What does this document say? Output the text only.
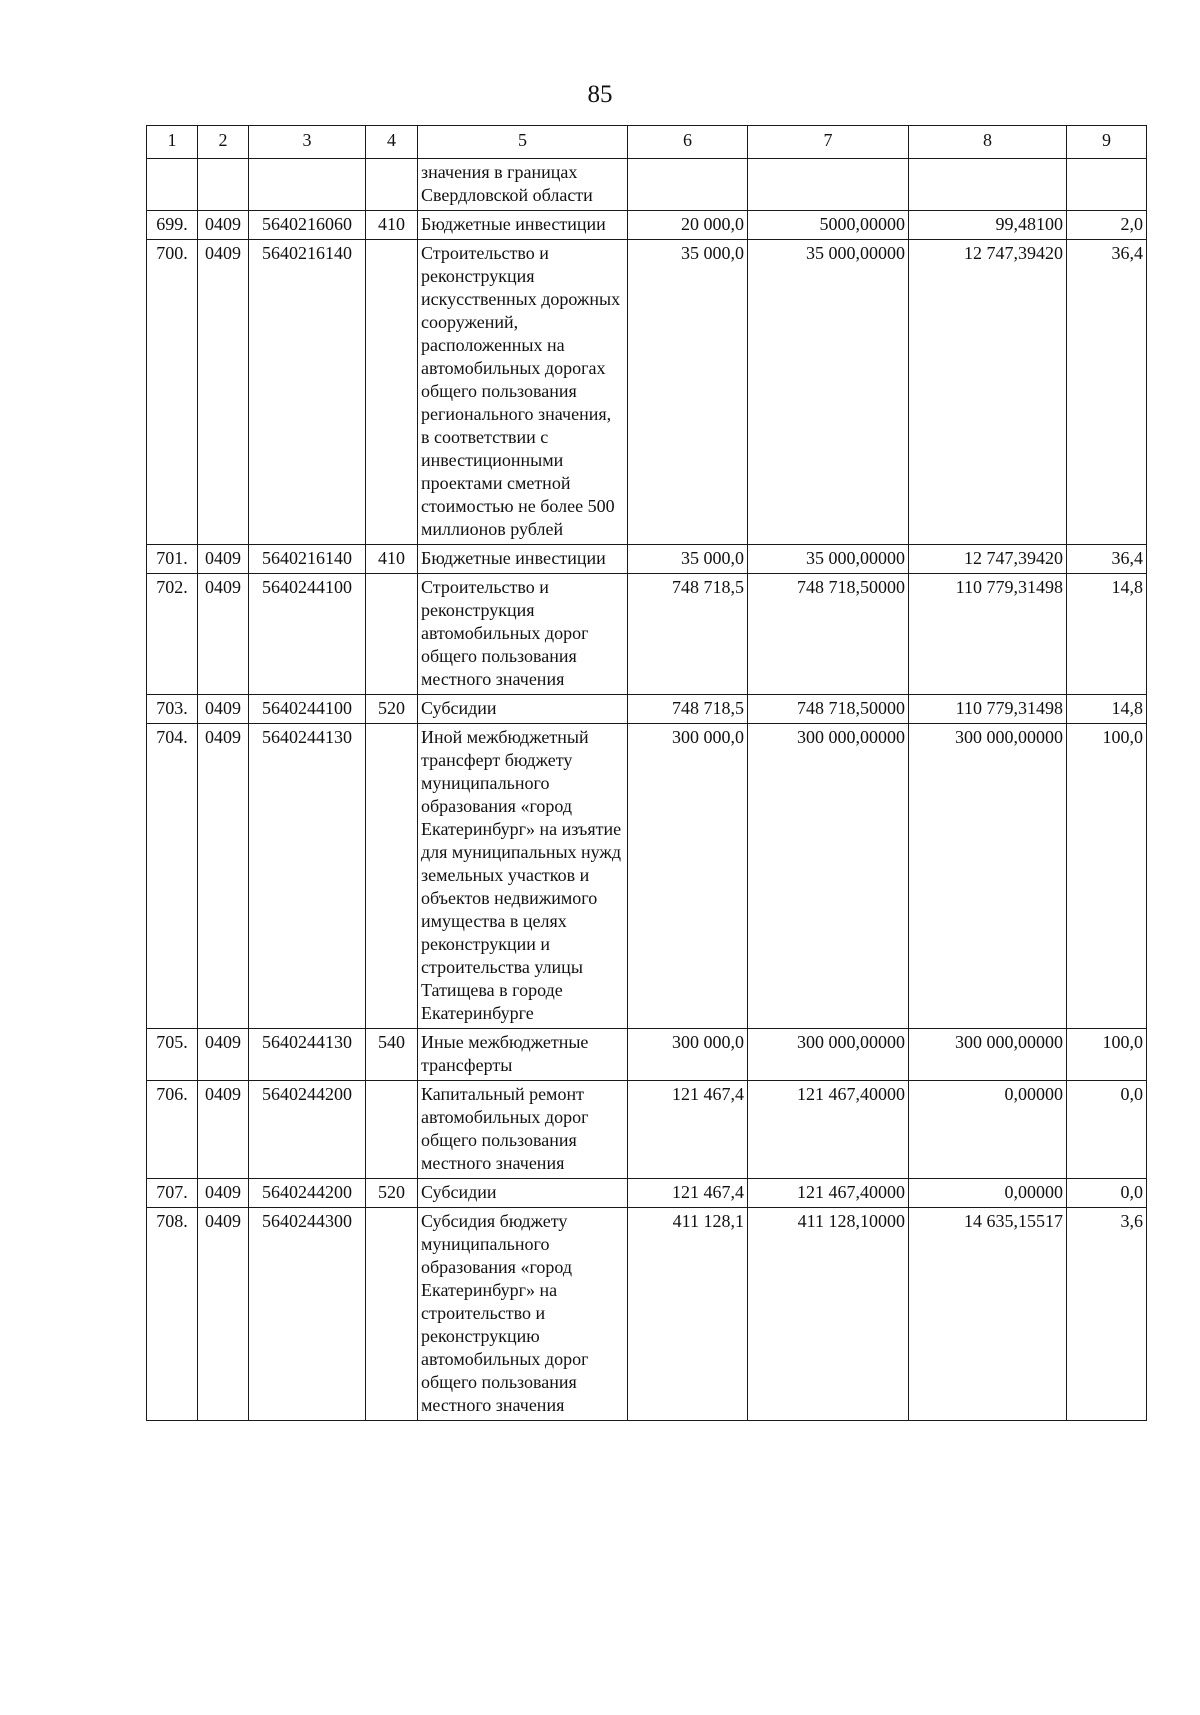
85
1	2	3	4	5	6	7	8	9
				значения в границах Свердловской области				
699.	0409	5640216060	410	Бюджетные инвестиции	20 000,0	5000,00000	99,48100	2,0
700.	0409	5640216140		Строительство и реконструкция искусственных дорожных сооружений, расположенных на автомобильных дорогах общего пользования регионального значения, в соответствии с инвестиционными проектами сметной стоимостью не более 500 миллионов рублей	35 000,0	35 000,00000	12 747,39420	36,4
701.	0409	5640216140	410	Бюджетные инвестиции	35 000,0	35 000,00000	12 747,39420	36,4
702.	0409	5640244100		Строительство и реконструкция автомобильных дорог общего пользования местного значения	748 718,5	748 718,50000	110 779,31498	14,8
703.	0409	5640244100	520	Субсидии	748 718,5	748 718,50000	110 779,31498	14,8
704.	0409	5640244130		Иной межбюджетный трансферт бюджету муниципального образования «город Екатеринбург» на изъятие для муниципальных нужд земельных участков и объектов недвижимого имущества в целях реконструкции и строительства улицы Татищева в городе Екатеринбурге	300 000,0	300 000,00000	300 000,00000	100,0
705.	0409	5640244130	540	Иные межбюджетные трансферты	300 000,0	300 000,00000	300 000,00000	100,0
706.	0409	5640244200		Капитальный ремонт автомобильных дорог общего пользования местного значения	121 467,4	121 467,40000	0,00000	0,0
707.	0409	5640244200	520	Субсидии	121 467,4	121 467,40000	0,00000	0,0
708.	0409	5640244300		Субсидия бюджету муниципального образования «город Екатеринбург» на строительство и реконструкцию автомобильных дорог общего пользования местного значения	411 128,1	411 128,10000	14 635,15517	3,6
